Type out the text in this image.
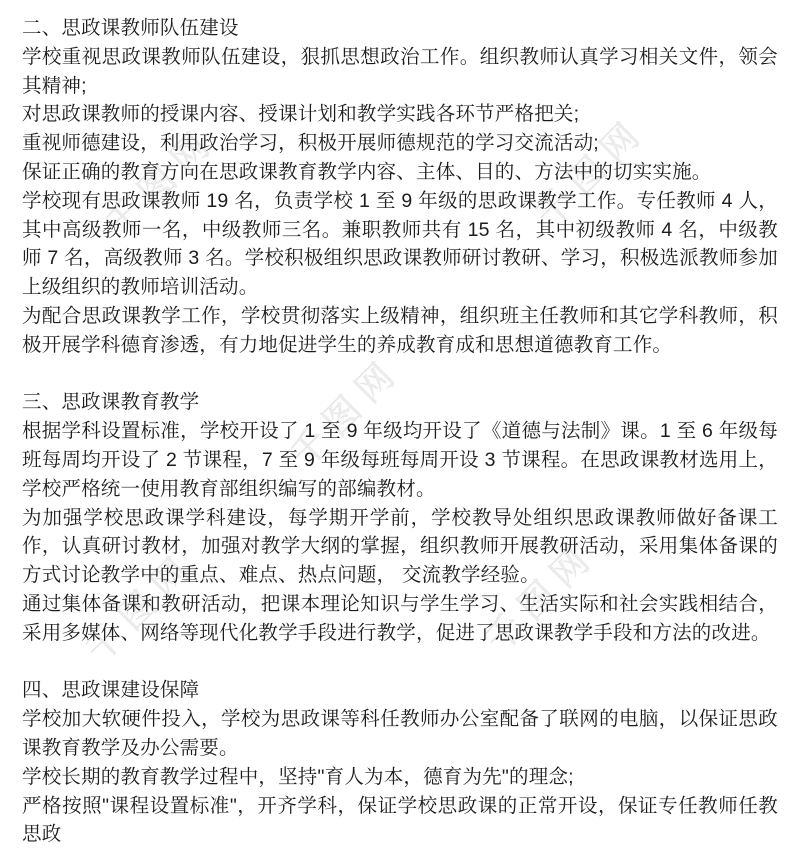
千图网	千图网
千图网
千图网	千图网

二、思政课教师队伍建设

学校重视思政课教师队伍建设，狠抓思想政治工作。组织教师认真学习相关文件，领会其精神;

对思政课教师的授课内容、授课计划和教学实践各环节严格把关;

重视师德建设，利用政治学习，积极开展师德规范的学习交流活动;

保证正确的教育方向在思政课教育教学内容、主体、目的、方法中的切实实施。

学校现有思政课教师 19 名，负责学校 1 至 9 年级的思政课教学工作。专任教师 4 人，其中高级教师一名，中级教师三名。兼职教师共有 15 名，其中初级教师 4 名，中级教师 7 名，高级教师 3 名。学校积极组织思政课教师研讨教研、学习，积极选派教师参加上级组织的教师培训活动。

为配合思政课教学工作，学校贯彻落实上级精神，组织班主任教师和其它学科教师，积极开展学科德育渗透，有力地促进学生的养成教育成和思想道德教育工作。

三、思政课教育教学

根据学科设置标准，学校开设了 1 至 9 年级均开设了《道德与法制》课。1 至 6 年级每班每周均开设了 2 节课程，7 至 9 年级每班每周开设 3 节课程。在思政课教材选用上，学校严格统一使用教育部组织编写的部编教材。

为加强学校思政课学科建设，每学期开学前，学校教导处组织思政课教师做好备课工作，认真研讨教材，加强对教学大纲的掌握，组织教师开展教研活动，采用集体备课的方式讨论教学中的重点、难点、热点问题， 交流教学经验。

通过集体备课和教研活动，把课本理论知识与学生学习、生活实际和社会实践相结合，采用多媒体、网络等现代化教学手段进行教学，促进了思政课教学手段和方法的改进。

四、思政课建设保障

学校加大软硬件投入，学校为思政课等科任教师办公室配备了联网的电脑，以保证思政课教育教学及办公需要。

学校长期的教育教学过程中，坚持"育人为本，德育为先"的理念;

严格按照"课程设置标准"，开齐学科，保证学校思政课的正常开设，保证专任教师任教思政
